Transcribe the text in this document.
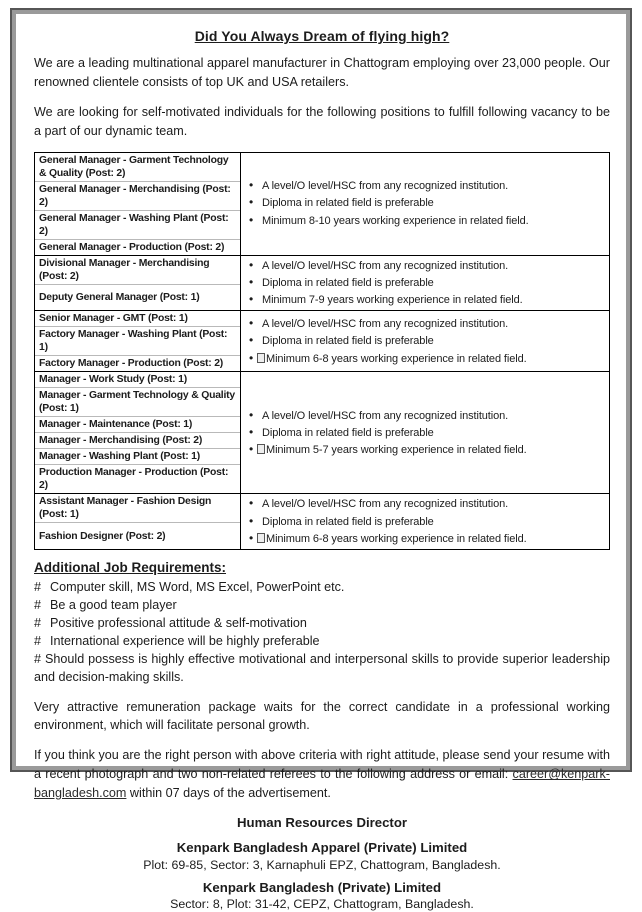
Did You Always Dream of flying high?

We are a leading multinational apparel manufacturer in Chattogram employing over 23,000 people. Our renowned clientele consists of top UK and USA retailers.

We are looking for self-motivated individuals for the following positions to fulfill following vacancy to be a part of our dynamic team.

General Manager - Garment Technology & Quality (Post: 2)
General Manager - Merchandising (Post: 2)
General Manager - Washing Plant (Post: 2)
General Manager - Production (Post: 2)
• A level/O level/HSC from any recognized institution.
• Diploma in related field is preferable
• Minimum 8-10 years working experience in related field.
Divisional Manager - Merchandising (Post: 2)
Deputy General Manager (Post: 1)
• A level/O level/HSC from any recognized institution.
• Diploma in related field is preferable
• Minimum 7-9 years working experience in related field.
Senior Manager - GMT (Post: 1)
Factory Manager - Washing Plant (Post: 1)
Factory Manager - Production (Post: 2)
• A level/O level/HSC from any recognized institution.
• Diploma in related field is preferable
• Minimum 6-8 years working experience in related field.
Manager - Work Study (Post: 1)
Manager - Garment Technology & Quality (Post: 1)
Manager - Maintenance (Post: 1)
Manager - Merchandising (Post: 2)
Manager - Washing Plant (Post: 1)
Production Manager - Production (Post: 2)
• A level/O level/HSC from any recognized institution.
• Diploma in related field is preferable
• Minimum 5-7 years working experience in related field.
Assistant Manager - Fashion Design (Post: 1)
Fashion Designer (Post: 2)
• A level/O level/HSC from any recognized institution.
• Diploma in related field is preferable
• Minimum 6-8 years working experience in related field.
Additional Job Requirements:
# Computer skill, MS Word, MS Excel, PowerPoint etc.
# Be a good team player
# Positive professional attitude & self-motivation
# International experience will be highly preferable
# Should possess is highly effective motivational and interpersonal skills to provide superior leadership and decision-making skills.

Very attractive remuneration package waits for the correct candidate in a professional working environment, which will facilitate personal growth.

If you think you are the right person with above criteria with right attitude, please send your resume with a recent photograph and two non-related referees to the following address or email: career@kenpark-bangladesh.com within 07 days of the advertisement.

Human Resources Director
Kenpark Bangladesh Apparel (Private) Limited
Plot: 69-85, Sector: 3, Karnaphuli EPZ, Chattogram, Bangladesh.
Kenpark Bangladesh (Private) Limited
Sector: 8, Plot: 31-42, CEPZ, Chattogram, Bangladesh.
